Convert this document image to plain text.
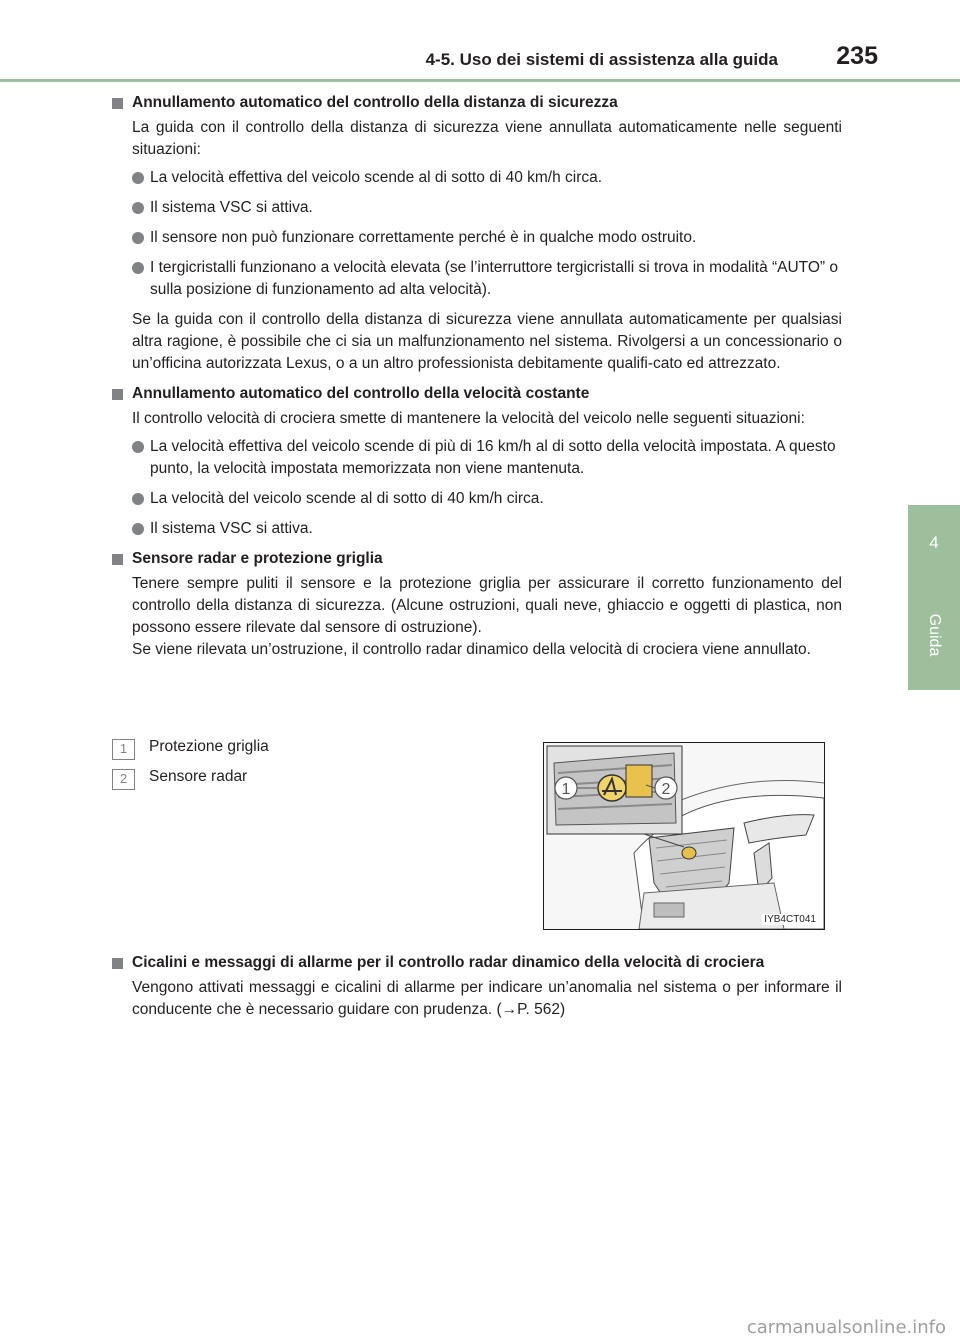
4-5. Uso dei sistemi di assistenza alla guida 235
4
Guida
Annullamento automatico del controllo della distanza di sicurezza

La guida con il controllo della distanza di sicurezza viene annullata automaticamente nelle seguenti situazioni:

La velocità effettiva del veicolo scende al di sotto di 40 km/h circa.
Il sistema VSC si attiva.
Il sensore non può funzionare correttamente perché è in qualche modo ostruito.
I tergicristalli funzionano a velocità elevata (se l’interruttore tergicristalli si trova in modalità “AUTO” o sulla posizione di funzionamento ad alta velocità).

Se la guida con il controllo della distanza di sicurezza viene annullata automaticamente per qualsiasi altra ragione, è possibile che ci sia un malfunzionamento nel sistema. Rivolgersi a un concessionario o un’officina autorizzata Lexus, o a un altro professionista debitamente qualifi-cato ed attrezzato.

Annullamento automatico del controllo della velocità costante

Il controllo velocità di crociera smette di mantenere la velocità del veicolo nelle seguenti situazioni:

La velocità effettiva del veicolo scende di più di 16 km/h al di sotto della velocità impostata. A questo punto, la velocità impostata memorizzata non viene mantenuta.
La velocità del veicolo scende al di sotto di 40 km/h circa.
Il sistema VSC si attiva.
Sensore radar e protezione griglia

Tenere sempre puliti il sensore e la protezione griglia per assicurare il corretto funzionamento del controllo della distanza di sicurezza. (Alcune ostruzioni, quali neve, ghiaccio e oggetti di plastica, non possono essere rilevate dal sensore di ostruzione).

Se viene rilevata un’ostruzione, il controllo radar dinamico della velocità di crociera viene annullato.

1	Protezione griglia
2	Sensore radar
1	2
IYB4CT041
Cicalini e messaggi di allarme per il controllo radar dinamico della velocità di crociera

Vengono attivati messaggi e cicalini di allarme per indicare un’anomalia nel sistema o per informare il conducente che è necessario guidare con prudenza. (→P. 562)

carmanualsonline.info
